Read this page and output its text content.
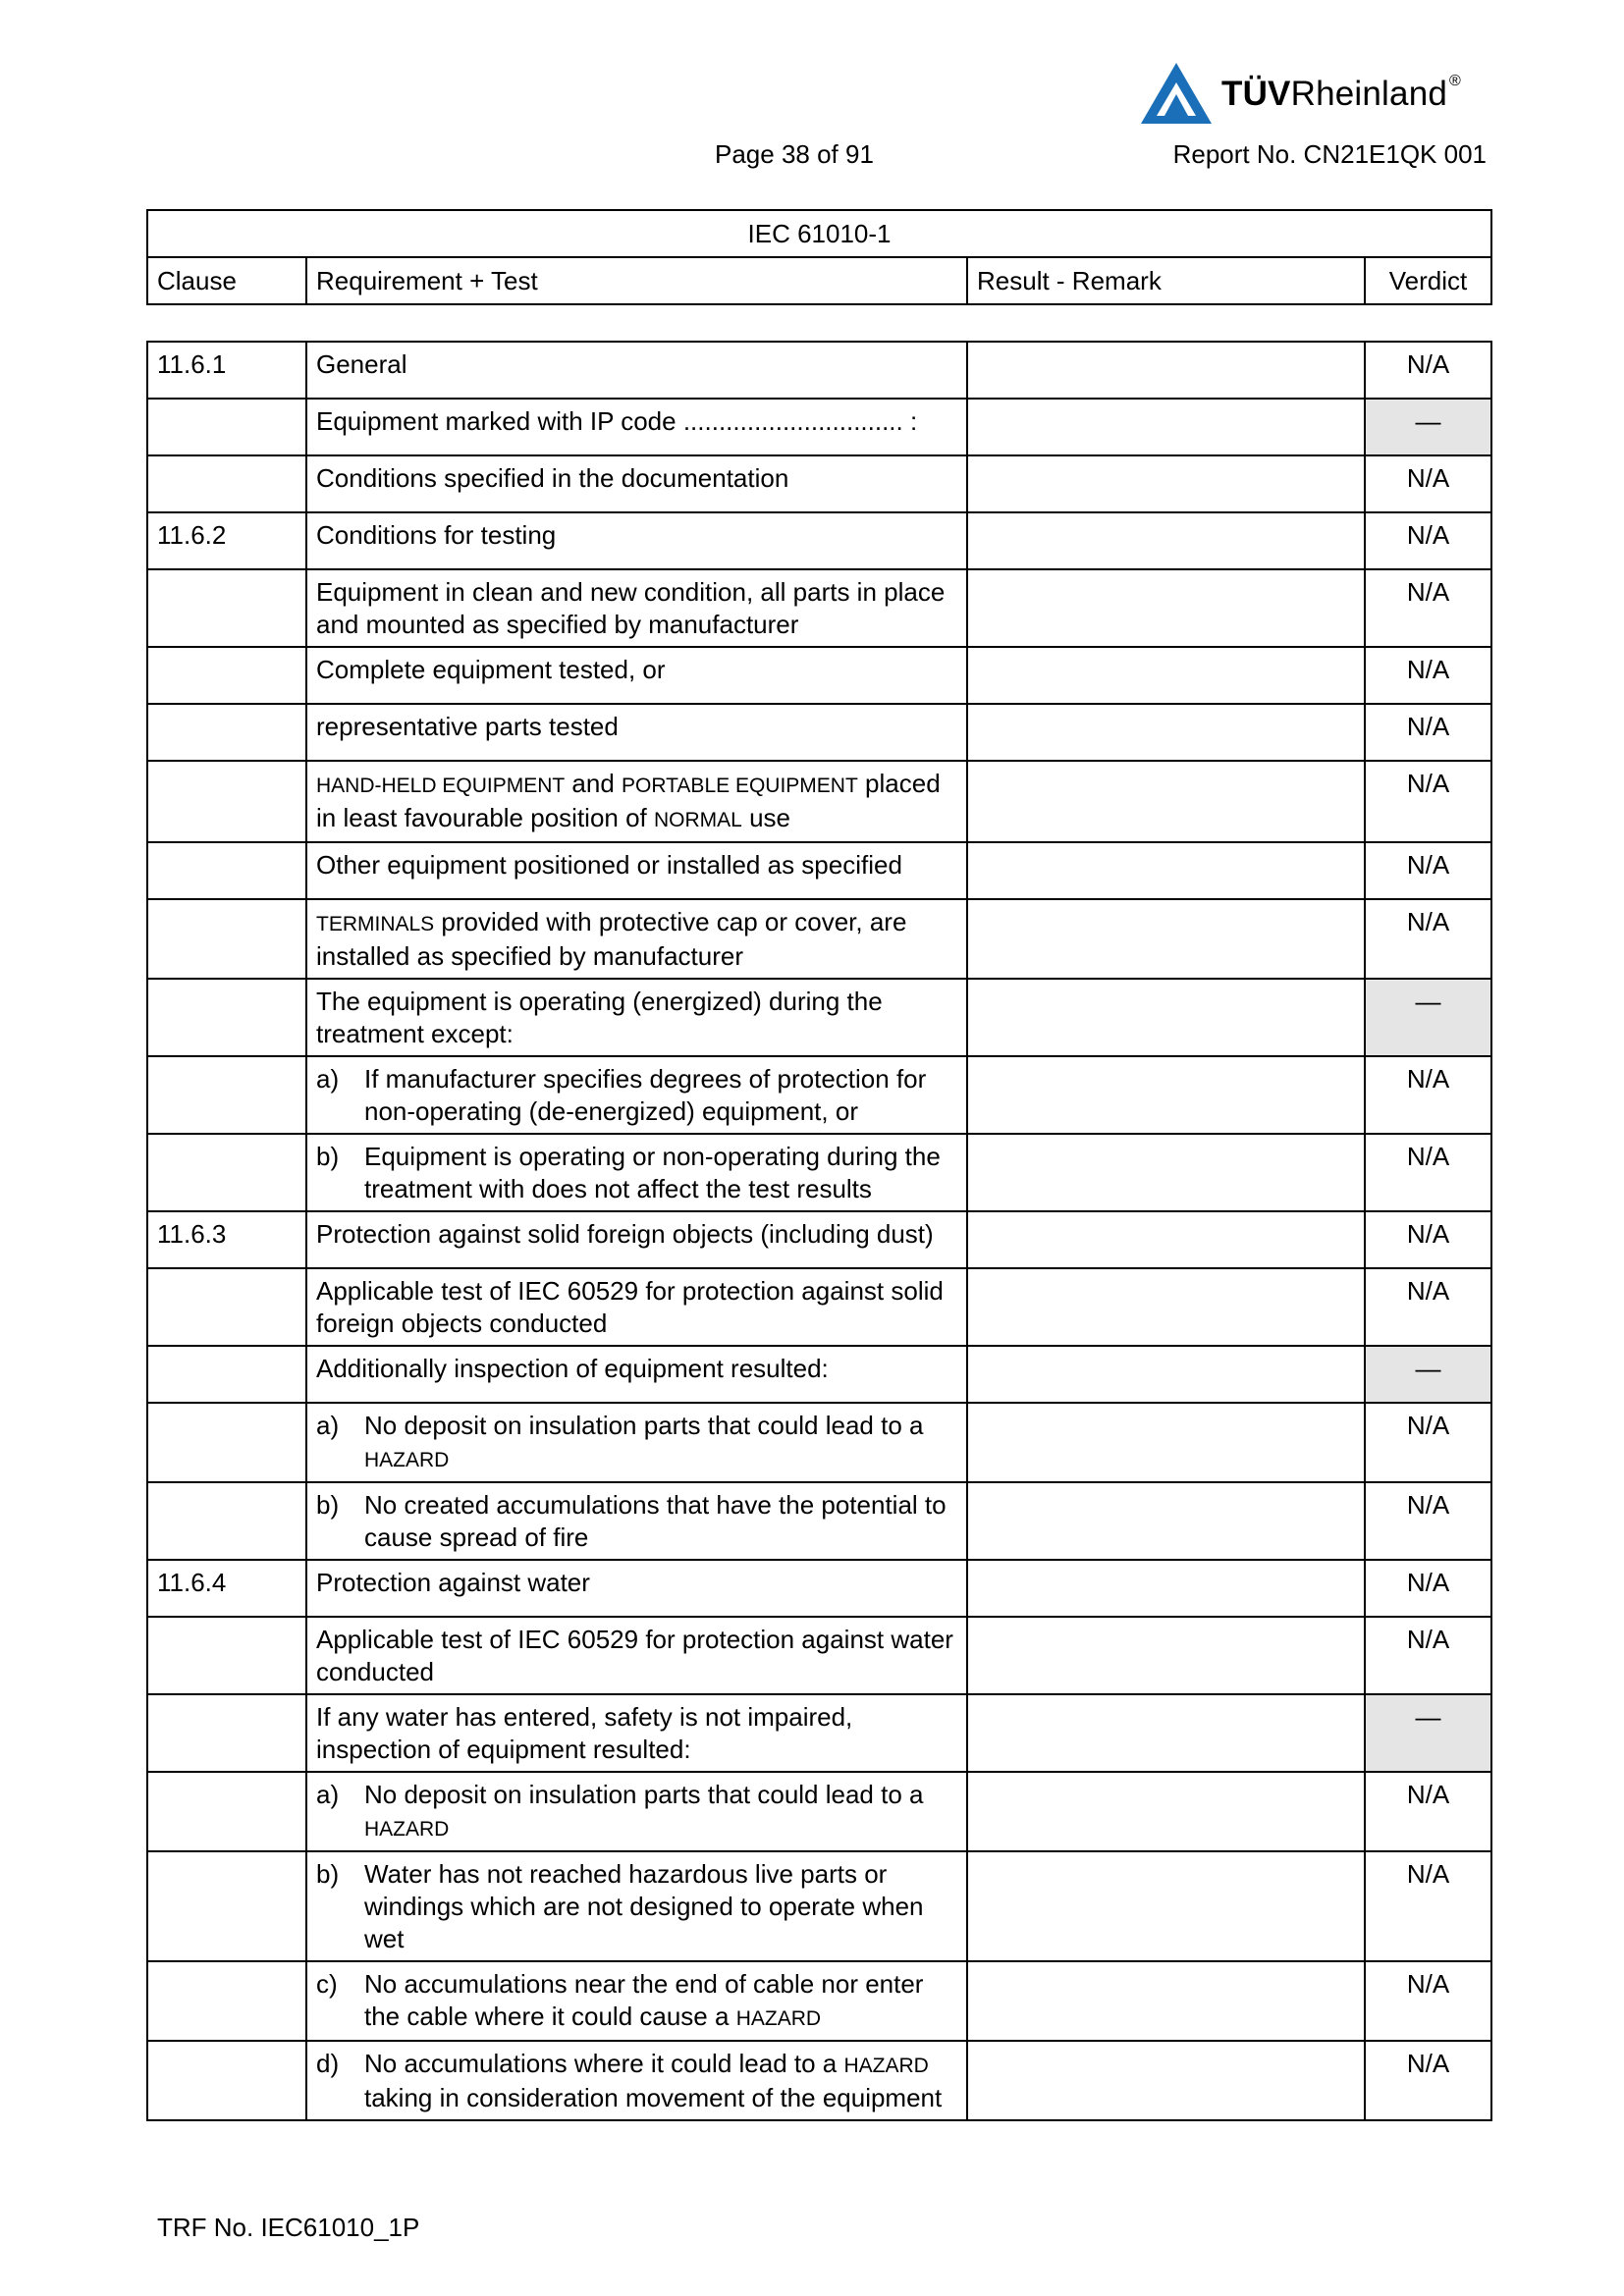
TÜVRheinland ®
Page 38 of 91	Report No. CN21E1QK 001
IEC 61010-1
Clause	Requirement + Test	Result - Remark	Verdict
11.6.1	General		N/A
	Equipment marked with IP code ............................... :		—
	Conditions specified in the documentation		N/A
11.6.2	Conditions for testing		N/A
	Equipment in clean and new condition, all parts in place and mounted as specified by manufacturer		N/A
	Complete equipment tested, or		N/A
	representative parts tested		N/A
	HAND-HELD EQUIPMENT and PORTABLE EQUIPMENT placed in least favourable position of NORMAL use		N/A
	Other equipment positioned or installed as specified		N/A
	TERMINALS provided with protective cap or cover, are installed as specified by manufacturer		N/A
	The equipment is operating (energized) during the treatment except:		—

	a) If manufacturer specifies degrees of protection for non-operating (de-energized) equipment, or		N/A

	b) Equipment is operating or non-operating during the treatment with does not affect the test results		N/A
11.6.3	Protection against solid foreign objects (including dust)		N/A
	Applicable test of IEC 60529 for protection against solid foreign objects conducted		N/A
	Additionally inspection of equipment resulted:		—

	a) No deposit on insulation parts that could lead to a HAZARD		N/A

	b) No created accumulations that have the potential to cause spread of fire		N/A
11.6.4	Protection against water		N/A
	Applicable test of IEC 60529 for protection against water conducted		N/A
	If any water has entered, safety is not impaired, inspection of equipment resulted:		—

	a) No deposit on insulation parts that could lead to a HAZARD		N/A

	b) Water has not reached hazardous live parts or windings which are not designed to operate when wet		N/A

	c) No accumulations near the end of cable nor enter the cable where it could cause a HAZARD		N/A

	d) No accumulations where it could lead to a HAZARD taking in consideration movement of the equipment		N/A
TRF No. IEC61010_1P
